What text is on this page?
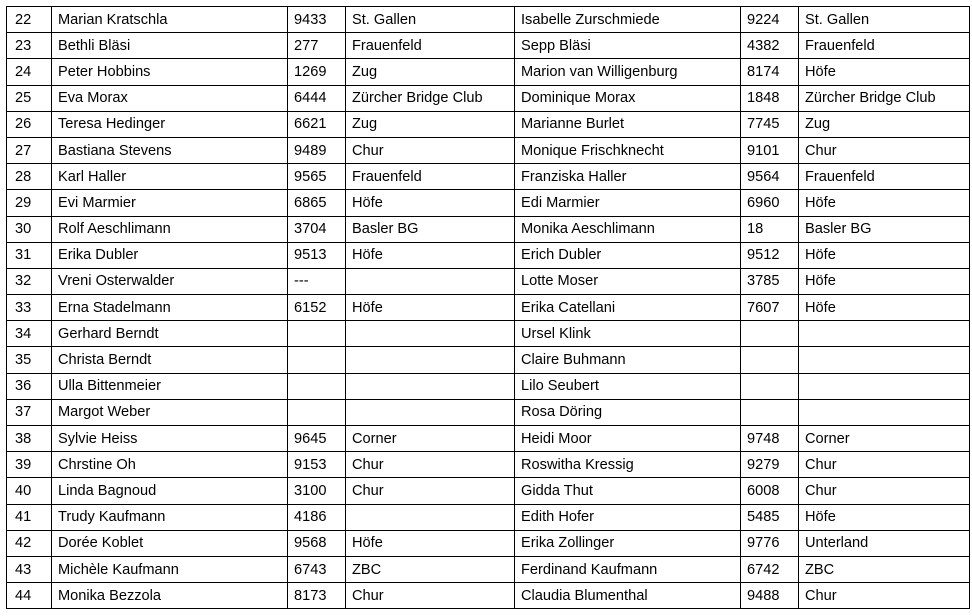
22	Marian Kratschla	9433	St. Gallen	Isabelle Zurschmiede	9224	St. Gallen
23	Bethli Bläsi	277	Frauenfeld	Sepp Bläsi	4382	Frauenfeld
24	Peter Hobbins	1269	Zug	Marion van Willigenburg	8174	Höfe
25	Eva Morax	6444	Zürcher Bridge Club	Dominique Morax	1848	Zürcher Bridge Club
26	Teresa Hedinger	6621	Zug	Marianne Burlet	7745	Zug
27	Bastiana Stevens	9489	Chur	Monique Frischknecht	9101	Chur
28	Karl Haller	9565	Frauenfeld	Franziska Haller	9564	Frauenfeld
29	Evi Marmier	6865	Höfe	Edi Marmier	6960	Höfe
30	Rolf Aeschlimann	3704	Basler BG	Monika Aeschlimann	18	Basler BG
31	Erika Dubler	9513	Höfe	Erich Dubler	9512	Höfe
32	Vreni Osterwalder	---		Lotte Moser	3785	Höfe
33	Erna Stadelmann	6152	Höfe	Erika Catellani	7607	Höfe
34	Gerhard Berndt			Ursel Klink		
35	Christa Berndt			Claire Buhmann		
36	Ulla Bittenmeier			Lilo Seubert		
37	Margot Weber			Rosa Döring		
38	Sylvie Heiss	9645	Corner	Heidi Moor	9748	Corner
39	Chrstine Oh	9153	Chur	Roswitha Kressig	9279	Chur
40	Linda Bagnoud	3100	Chur	Gidda Thut	6008	Chur
41	Trudy Kaufmann	4186		Edith Hofer	5485	Höfe
42	Dorée Koblet	9568	Höfe	Erika Zollinger	9776	Unterland
43	Michèle Kaufmann	6743	ZBC	Ferdinand Kaufmann	6742	ZBC
44	Monika Bezzola	8173	Chur	Claudia Blumenthal	9488	Chur
